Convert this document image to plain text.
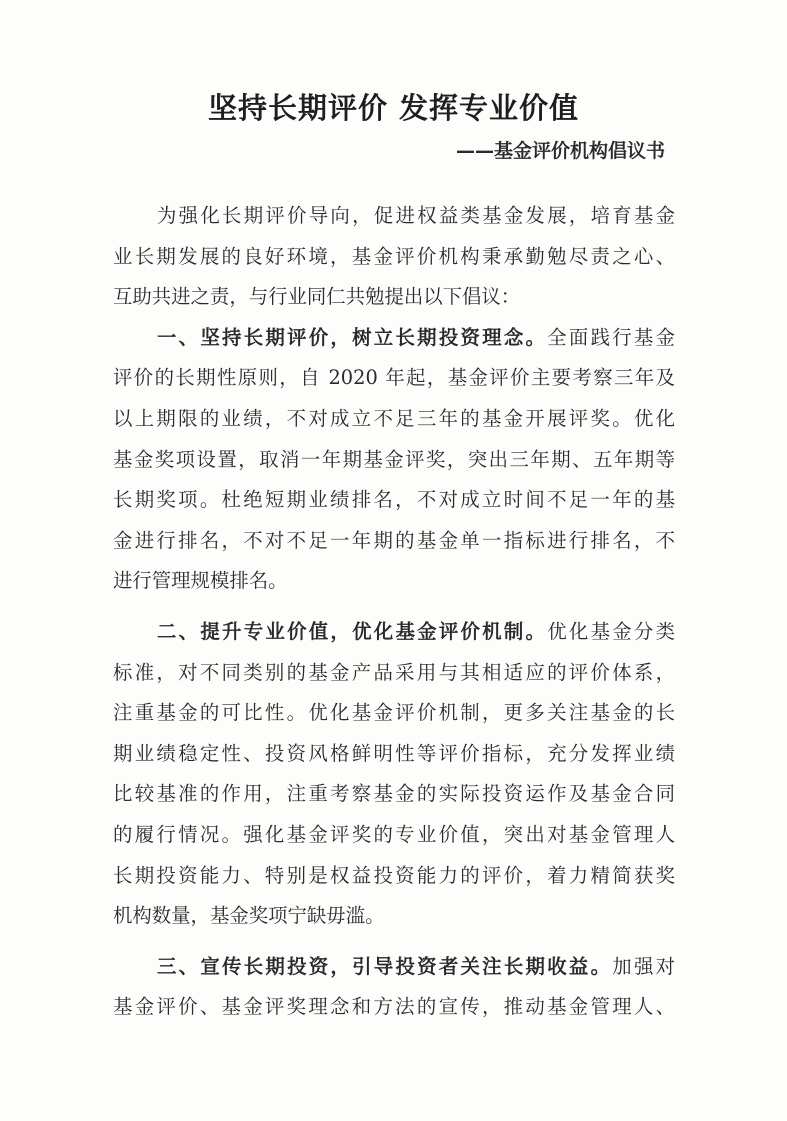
坚持长期评价 发挥专业价值
——基金评价机构倡议书
为强化长期评价导向，促进权益类基金发展，培育基金
业长期发展的良好环境，基金评价机构秉承勤勉尽责之心、
互助共进之责，与行业同仁共勉提出以下倡议：
一、坚持长期评价，树立长期投资理念。全面践行基金
评价的长期性原则，自 2020 年起，基金评价主要考察三年及
以上期限的业绩，不对成立不足三年的基金开展评奖。优化
基金奖项设置，取消一年期基金评奖，突出三年期、五年期等
长期奖项。杜绝短期业绩排名，不对成立时间不足一年的基
金进行排名，不对不足一年期的基金单一指标进行排名，不
进行管理规模排名。
二、提升专业价值，优化基金评价机制。优化基金分类
标准，对不同类别的基金产品采用与其相适应的评价体系，
注重基金的可比性。优化基金评价机制，更多关注基金的长
期业绩稳定性、投资风格鲜明性等评价指标，充分发挥业绩
比较基准的作用，注重考察基金的实际投资运作及基金合同
的履行情况。强化基金评奖的专业价值，突出对基金管理人
长期投资能力、特别是权益投资能力的评价，着力精简获奖
机构数量，基金奖项宁缺毋滥。
三、宣传长期投资，引导投资者关注长期收益。加强对
基金评价、基金评奖理念和方法的宣传，推动基金管理人、
